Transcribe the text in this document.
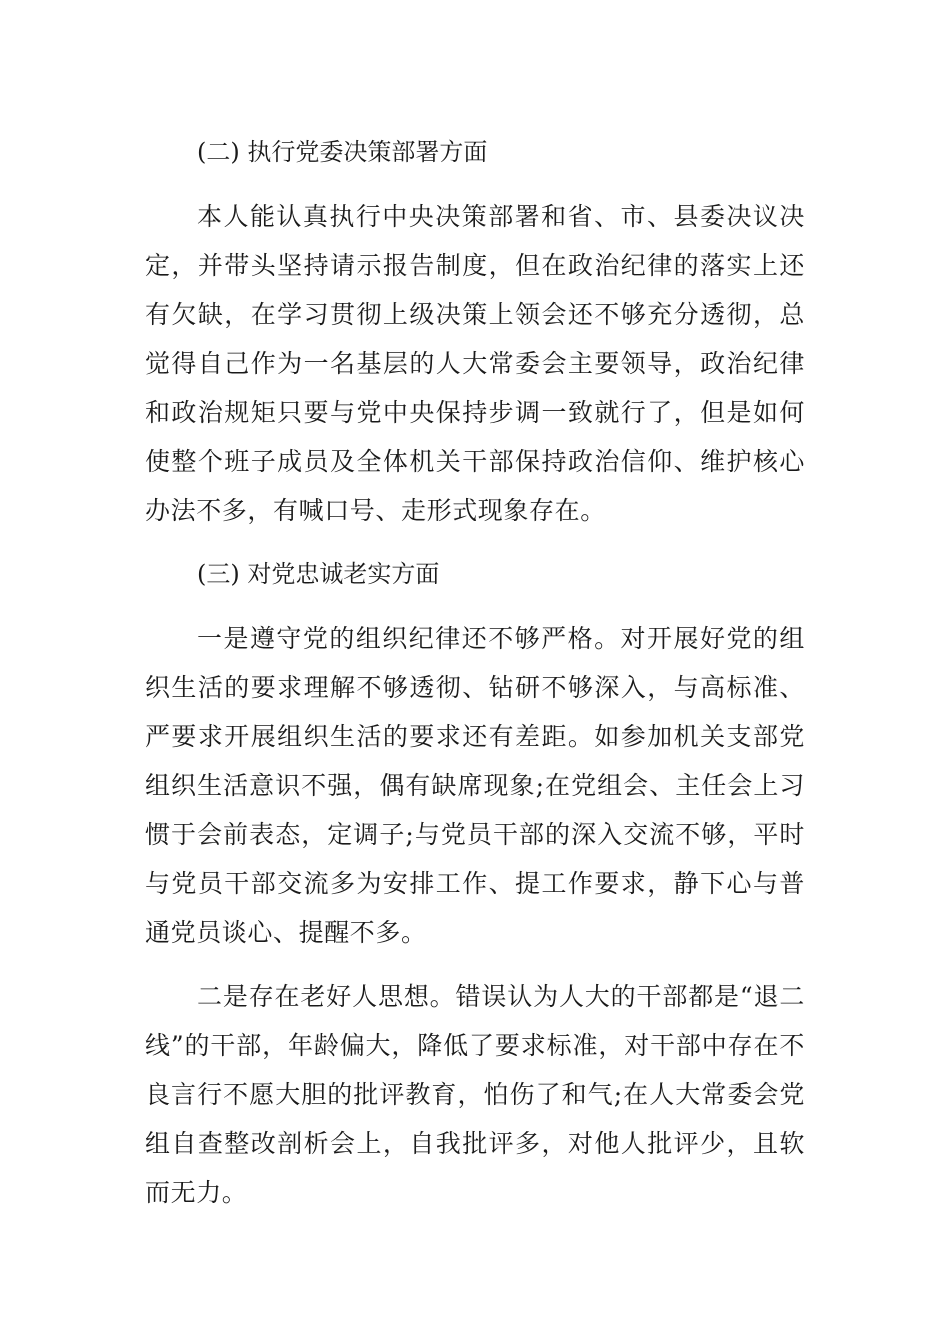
(二) 执行党委决策部署方面

本人能认真执行中央决策部署和省、市、县委决议决定，并带头坚持请示报告制度，但在政治纪律的落实上还有欠缺，在学习贯彻上级决策上领会还不够充分透彻，总觉得自己作为一名基层的人大常委会主要领导，政治纪律和政治规矩只要与党中央保持步调一致就行了，但是如何使整个班子成员及全体机关干部保持政治信仰、维护核心办法不多，有喊口号、走形式现象存在。

(三) 对党忠诚老实方面

一是遵守党的组织纪律还不够严格。对开展好党的组织生活的要求理解不够透彻、钻研不够深入，与高标准、严要求开展组织生活的要求还有差距。如参加机关支部党组织生活意识不强，偶有缺席现象;在党组会、主任会上习惯于会前表态，定调子;与党员干部的深入交流不够，平时与党员干部交流多为安排工作、提工作要求，静下心与普通党员谈心、提醒不多。

二是存在老好人思想。错误认为人大的干部都是“退二线”的干部，年龄偏大，降低了要求标准，对干部中存在不良言行不愿大胆的批评教育，怕伤了和气;在人大常委会党组自查整改剖析会上，自我批评多，对他人批评少，且软而无力。
